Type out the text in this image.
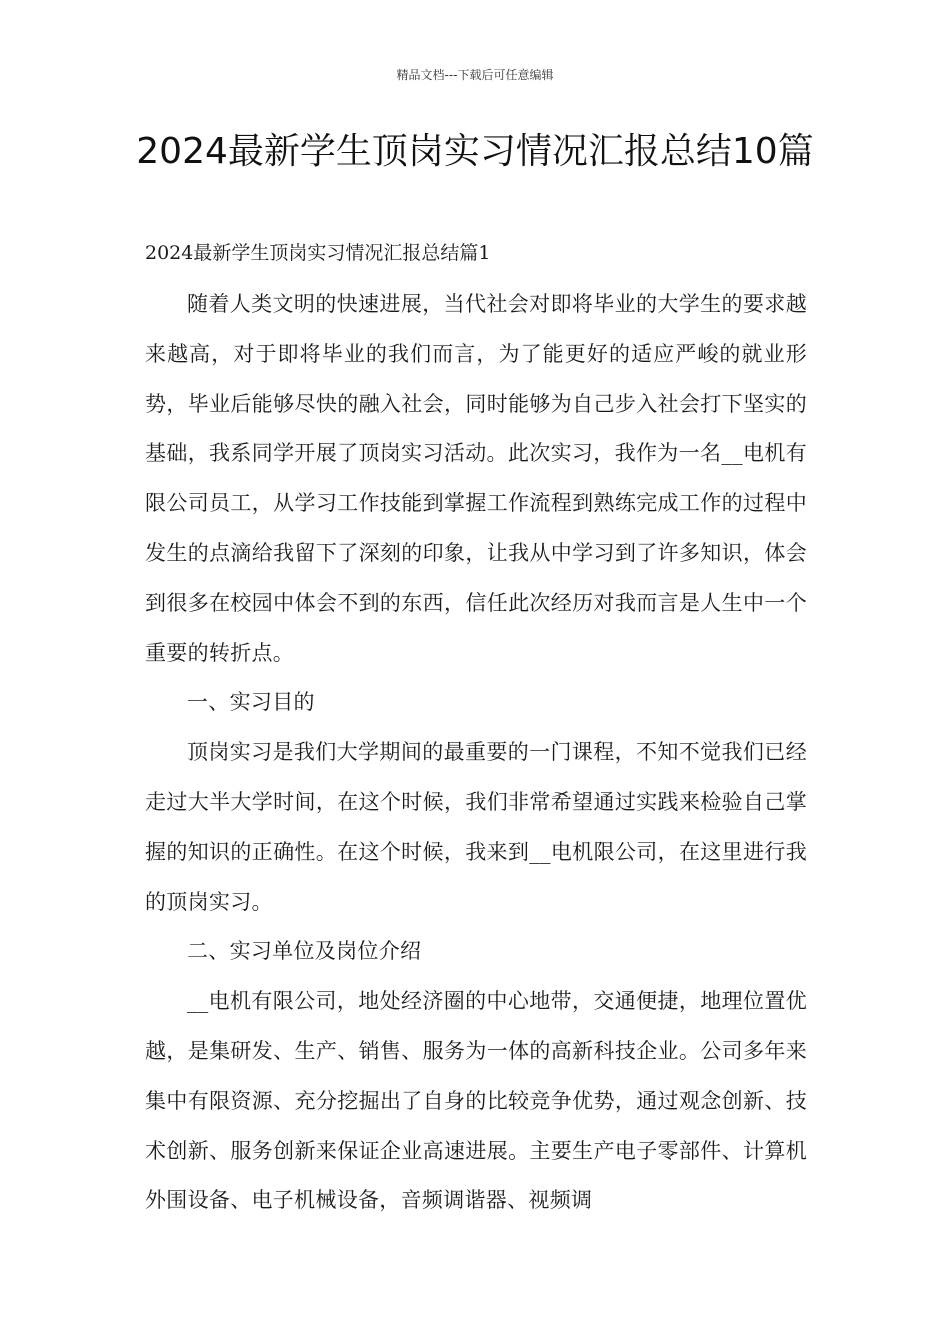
精品文档---下载后可任意编辑
2024最新学生顶岗实习情况汇报总结10篇

2024最新学生顶岗实习情况汇报总结篇1

随着人类文明的快速进展，当代社会对即将毕业的大学生的要求越来越高，对于即将毕业的我们而言，为了能更好的适应严峻的就业形势，毕业后能够尽快的融入社会，同时能够为自己步入社会打下坚实的基础，我系同学开展了顶岗实习活动。此次实习，我作为一名__电机有限公司员工，从学习工作技能到掌握工作流程到熟练完成工作的过程中发生的点滴给我留下了深刻的印象，让我从中学习到了许多知识，体会到很多在校园中体会不到的东西，信任此次经历对我而言是人生中一个重要的转折点。

一、实习目的

顶岗实习是我们大学期间的最重要的一门课程，不知不觉我们已经走过大半大学时间，在这个时候，我们非常希望通过实践来检验自己掌握的知识的正确性。在这个时候，我来到__电机限公司，在这里进行我的顶岗实习。

二、实习单位及岗位介绍

__电机有限公司，地处经济圈的中心地带，交通便捷，地理位置优越，是集研发、生产、销售、服务为一体的高新科技企业。公司多年来集中有限资源、充分挖掘出了自身的比较竞争优势，通过观念创新、技术创新、服务创新来保证企业高速进展。主要生产电子零部件、计算机外围设备、电子机械设备，音频调谐器、视频调
